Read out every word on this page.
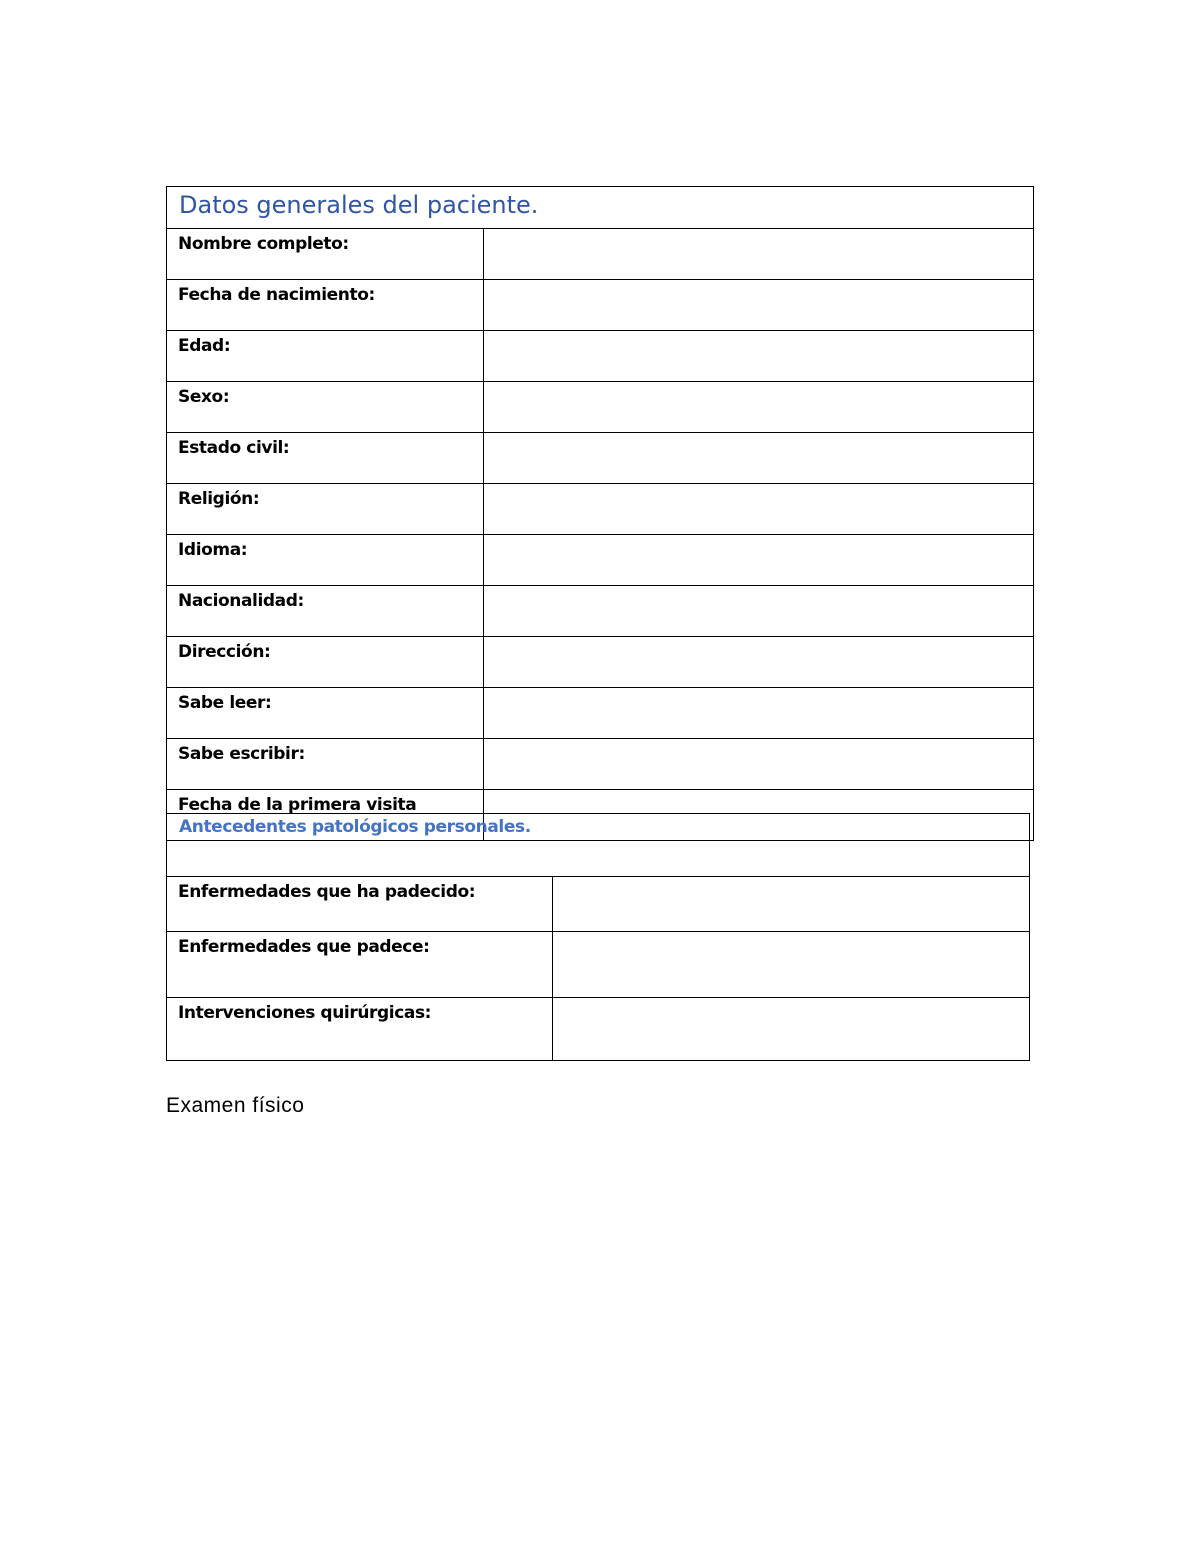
Datos generales del paciente.	
Nombre completo:	
Fecha de nacimiento:	
Edad:	
Sexo:	
Estado civil:	
Religión:	
Idioma:	
Nacionalidad:	
Dirección:	
Sabe leer:	
Sabe escribir:	
Fecha de la primera visita	
Antecedentes patológicos personales.	
Enfermedades que ha padecido:	
Enfermedades que padece:	
Intervenciones quirúrgicas:	
Examen físico
